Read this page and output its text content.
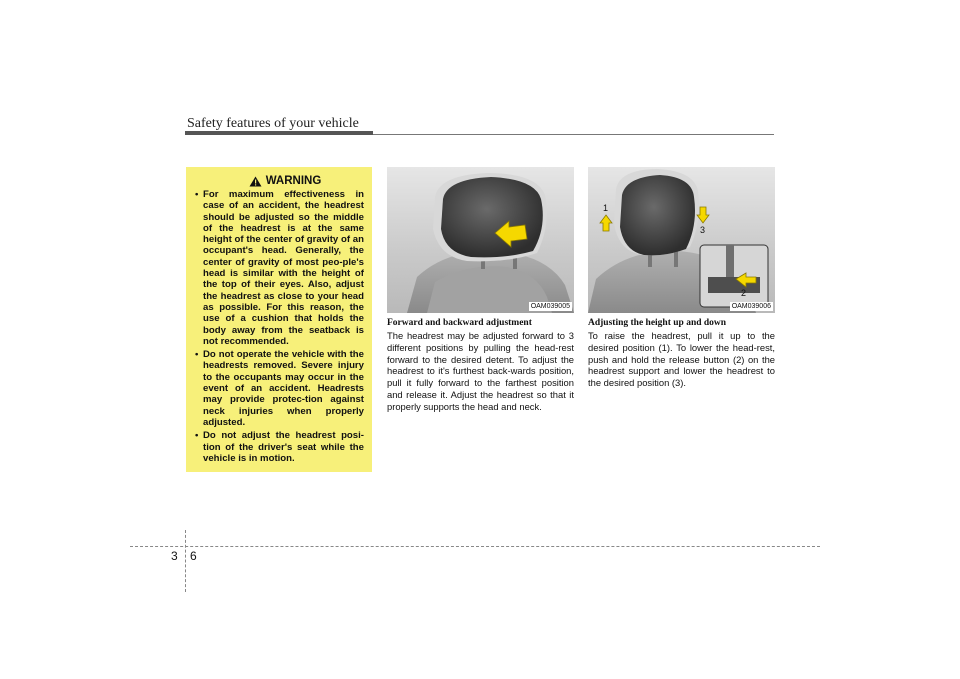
Safety features of your vehicle
WARNING
• For maximum effectiveness in case of an accident, the headrest should be adjusted so the middle of the headrest is at the same height of the center of gravity of an occupant's head. Generally, the center of gravity of most peo-ple's head is similar with the height of the top of their eyes. Also, adjust the headrest as close to your head as possible. For this reason, the use of a cushion that holds the body away from the seatback is not recommended.
• Do not operate the vehicle with the headrests removed. Severe injury to the occupants may occur in the event of an accident. Headrests may provide protec-tion against neck injuries when properly adjusted.
• Do not adjust the headrest posi-tion of the driver's seat while the vehicle is in motion.
OAM039005
1
3
2
OAM039006
Forward and backward adjustment

The headrest may be adjusted forward to 3 different positions by pulling the head-rest forward to the desired detent. To adjust the headrest to it's furthest back-wards position, pull it fully forward to the farthest position and release it. Adjust the headrest so that it properly supports the head and neck.

Adjusting the height up and down

To raise the headrest, pull it up to the desired position (1). To lower the head-rest, push and hold the release button (2) on the headrest support and lower the headrest to the desired position (3).

3 6
